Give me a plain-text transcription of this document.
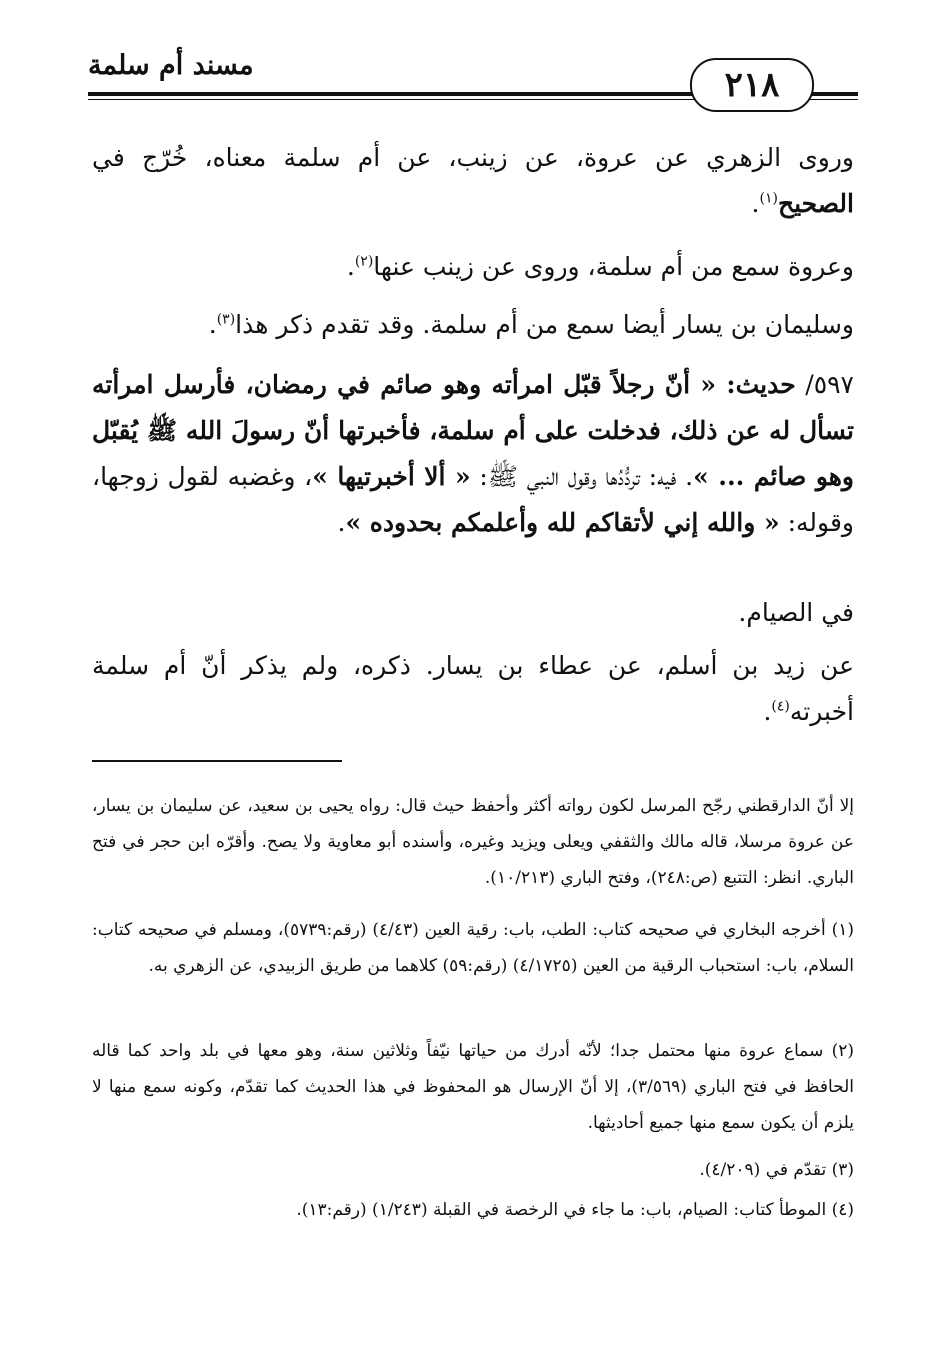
مسند أم سلمة	٢١٨
وروى الزهري عن عروة، عن زينب، عن أم سلمة معناه، خُرّج في الصحيح$^{(١)}$.
وعروة سمع من أم سلمة، وروى عن زينب عنها$^{(٢)}$.
وسليمان بن يسار أيضا سمع من أم سلمة. وقد تقدم ذكر هذا$^{(٣)}$.
٥٩٧/ حديث: « أنّ رجلاً قبّل امرأته وهو صائم في رمضان، فأرسل امرأته تسأل له عن ذلك، فدخلت على أم سلمة، فأخبرتها أنّ رسولَ الله ﷺ يُقبّل وهو صائم ... ». فيه: تردُّدُها وقول النبي ﷺ: « ألا أخبرتيها »، وغضبه لقول زوجها، وقوله: « والله إني لأتقاكم لله وأعلمكم بحدوده ».
في الصيام.
عن زيد بن أسلم، عن عطاء بن يسار. ذكره، ولم يذكر أنّ أم سلمة أخبرته$^{(٤)}$.
إلا أنّ الدارقطني رجّح المرسل لكون رواته أكثر وأحفظ حيث قال: رواه يحيى بن سعيد، عن سليمان بن يسار، عن عروة مرسلا، قاله مالك والثقفي ويعلى ويزيد وغيره، وأسنده أبو معاوية ولا يصح. وأقرّه ابن حجر في فتح الباري. انظر: التتبع (ص:٢٤٨)، وفتح الباري (١٠/٢١٣).
(١) أخرجه البخاري في صحيحه كتاب: الطب، باب: رقية العين (٤/٤٣) (رقم:٥٧٣٩)، ومسلم في صحيحه كتاب: السلام، باب: استحباب الرقية من العين (٤/١٧٢٥) (رقم:٥٩) كلاهما من طريق الزبيدي، عن الزهري به.
(٢) سماع عروة منها محتمل جدا؛ لأنّه أدرك من حياتها نيّفاً وثلاثين سنة، وهو معها في بلد واحد كما قاله الحافظ في فتح الباري (٣/٥٦٩)، إلا أنّ الإرسال هو المحفوظ في هذا الحديث كما تقدّم، وكونه سمع منها لا يلزم أن يكون سمع منها جميع أحاديثها.
(٣) تقدّم في (٤/٢٠٩).
(٤) الموطأ كتاب: الصيام، باب: ما جاء في الرخصة في القبلة (١/٢٤٣) (رقم:١٣).
